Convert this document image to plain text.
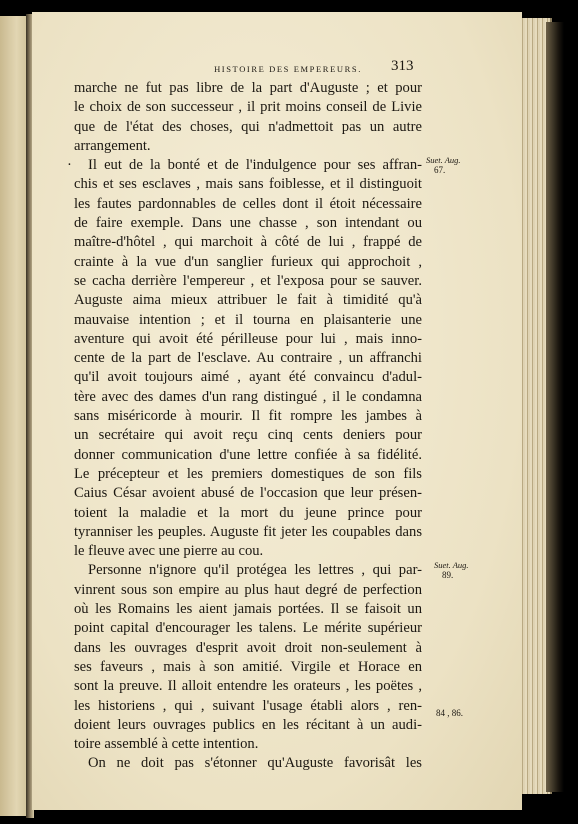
HISTOIRE DES EMPEREURS.	313
marche ne fut pas libre de la part d'Auguste ; et pour
le choix de son successeur , il prit moins conseil de Livie
que de l'état des choses, qui n'admettoit pas un autre
arrangement.
· Il eut de la bonté et de l'indulgence pour ses affran-
chis et ses esclaves , mais sans foiblesse, et il distinguoit
les fautes pardonnables de celles dont il étoit nécessaire
de faire exemple. Dans une chasse , son intendant ou
maître-d'hôtel , qui marchoit à côté de lui , frappé de
crainte à la vue d'un sanglier furieux qui approchoit ,
se cacha derrière l'empereur , et l'exposa pour se sauver.
Auguste aima mieux attribuer le fait à timidité qu'à
mauvaise intention ; et il tourna en plaisanterie une
aventure qui avoit été périlleuse pour lui , mais inno-
cente de la part de l'esclave. Au contraire , un affranchi
qu'il avoit toujours aimé , ayant été convaincu d'adul-
tère avec des dames d'un rang distingué , il le condamna
sans miséricorde à mourir. Il fit rompre les jambes à
un secrétaire qui avoit reçu cinq cents deniers pour
donner communication d'une lettre confiée à sa fidélité.
Le précepteur et les premiers domestiques de son fils
Caius César avoient abusé de l'occasion que leur présen-
toient la maladie et la mort du jeune prince pour
tyranniser les peuples. Auguste fit jeter les coupables dans
le fleuve avec une pierre au cou.
Personne n'ignore qu'il protégea les lettres , qui par-
vinrent sous son empire au plus haut degré de perfection
où les Romains les aient jamais portées. Il se faisoit un
point capital d'encourager les talens. Le mérite supérieur
dans les ouvrages d'esprit avoit droit non-seulement à
ses faveurs , mais à son amitié. Virgile et Horace en
sont la preuve. Il alloit entendre les orateurs , les poëtes ,
les historiens , qui , suivant l'usage établi alors , ren-
doient leurs ouvrages publics en les récitant à un audi-
toire assemblé à cette intention.
On ne doit pas s'étonner qu'Auguste favorisât les
Suet. Aug.
67.
Suet. Aug.
89.
84 , 86.
